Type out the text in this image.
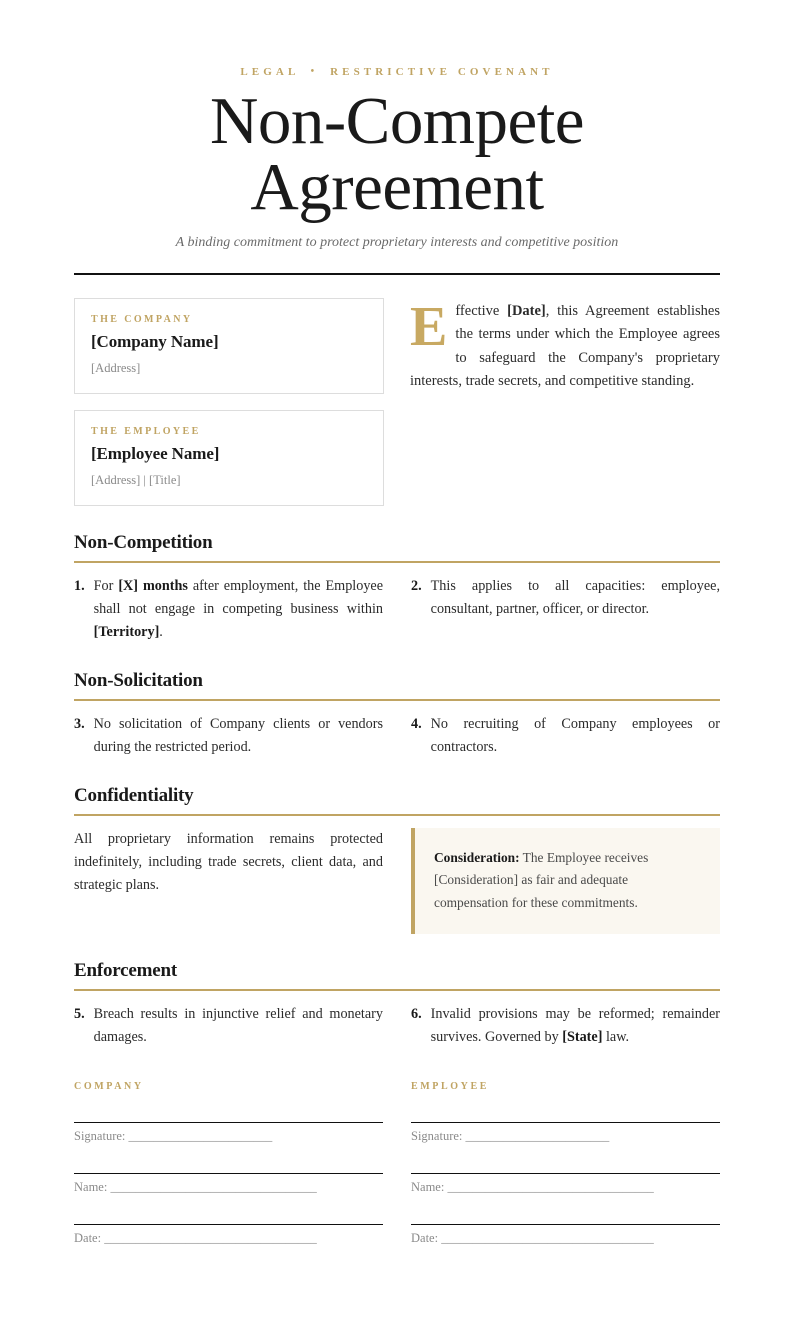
LEGAL • RESTRICTIVE COVENANT
Non-Compete Agreement

A binding commitment to protect proprietary interests and competitive position

THE COMPANY
[Company Name]

[Address]

THE EMPLOYEE
[Employee Name]

[Address] | [Title]

Effective [Date], this Agreement establishes the terms under which the Employee agrees to safeguard the Company's proprietary interests, trade secrets, and competitive standing.

Non-Competition
1. For [X] months after employment, the Employee shall not engage in competing business within [Territory].
2. This applies to all capacities: employee, consultant, partner, officer, or director.
Non-Solicitation
3. No solicitation of Company clients or vendors during the restricted period.
4. No recruiting of Company employees or contractors.
Confidentiality

All proprietary information remains protected indefinitely, including trade secrets, client data, and strategic plans.

Consideration: The Employee receives [Consideration] as fair and adequate compensation for these commitments.
Enforcement
5. Breach results in injunctive relief and monetary damages.
6. Invalid provisions may be reformed; remainder survives. Governed by [State] law.
COMPANY

Signature: _______________________

Name: _________________________________

Date: __________________________________

EMPLOYEE

Signature: _______________________

Name: _________________________________

Date: __________________________________
